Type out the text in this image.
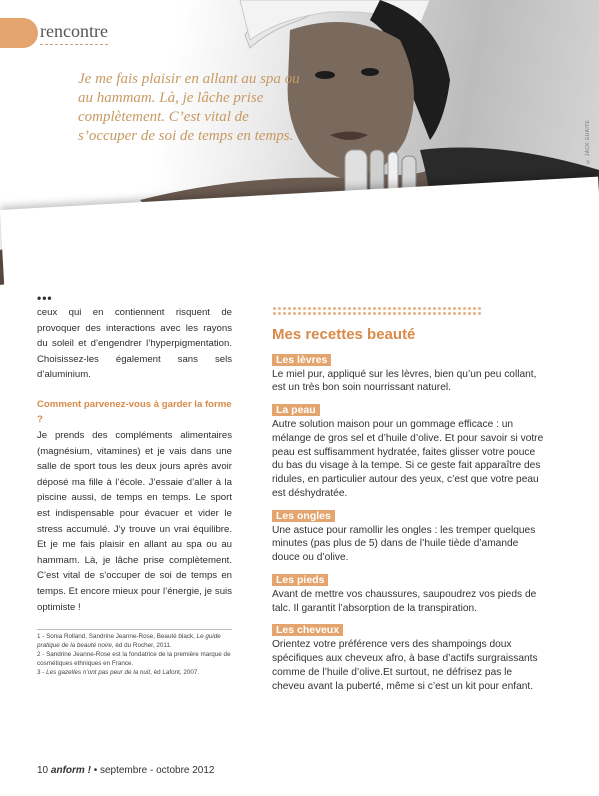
rencontre

Je me fais plaisir en allant au spa ou au hammam. Là, je lâche prise complètement. C’est vital de s’occuper de soi de temps en temps.	© JACK GUAITE
•••

ceux qui en contiennent risquent de provoquer des interactions avec les rayons du soleil et d’engendrer l’hyperpigmentation. Choisissez-les également sans sels d’aluminium.

Comment parvenez-vous à garder la forme ?

Je prends des compléments alimentaires (magnésium, vitamines) et je vais dans une salle de sport tous les deux jours après avoir déposé ma fille à l’école. J’essaie d’aller à la piscine aussi, de temps en temps. Le sport est indispensable pour évacuer et vider le stress accumulé. J’y trouve un vrai équilibre. Et je me fais plaisir en allant au spa ou au hammam. Là, je lâche prise complètement. C’est vital de s’occuper de soi de temps en temps. Et encore mieux pour l’énergie, je suis optimiste !

1 - Sonia Rolland, Sandrine Jeanne-Rose, Beauté black, Le guide pratique de la beauté noire, éd du Rocher, 2011.

2 - Sandrine Jeanne-Rose est la fondatrice de la première marque de cosmétiques ethniques en France.

3 - Les gazelles n’ont pas peur de la nuit, éd Lafont, 2007.

Mes recettes beauté
Les lèvres

Le miel pur, appliqué sur les lèvres, bien qu’un peu collant, est un très bon soin nourrissant naturel.

La peau

Autre solution maison pour un gommage efficace : un mélange de gros sel et d’huile d’olive. Et pour savoir si votre peau est suffisamment hydratée, faites glisser votre pouce du bas du visage à la tempe. Si ce geste fait apparaître des ridules, en particulier autour des yeux, c’est que votre peau est déshydratée.

Les ongles

Une astuce pour ramollir les ongles : les tremper quelques minutes (pas plus de 5) dans de l’huile tiède d’amande douce ou d’olive.

Les pieds

Avant de mettre vos chaussures, saupoudrez vos pieds de talc. Il garantit l’absorption de la transpiration.

Les cheveux

Orientez votre préférence vers des shampoings doux spécifiques aux cheveux afro, à base d’actifs surgraissants comme de l’huile d’olive.Et surtout, ne défrisez pas le cheveu avant la puberté, même si c’est un kit pour enfant.

10 anform ! • septembre - octobre 2012
